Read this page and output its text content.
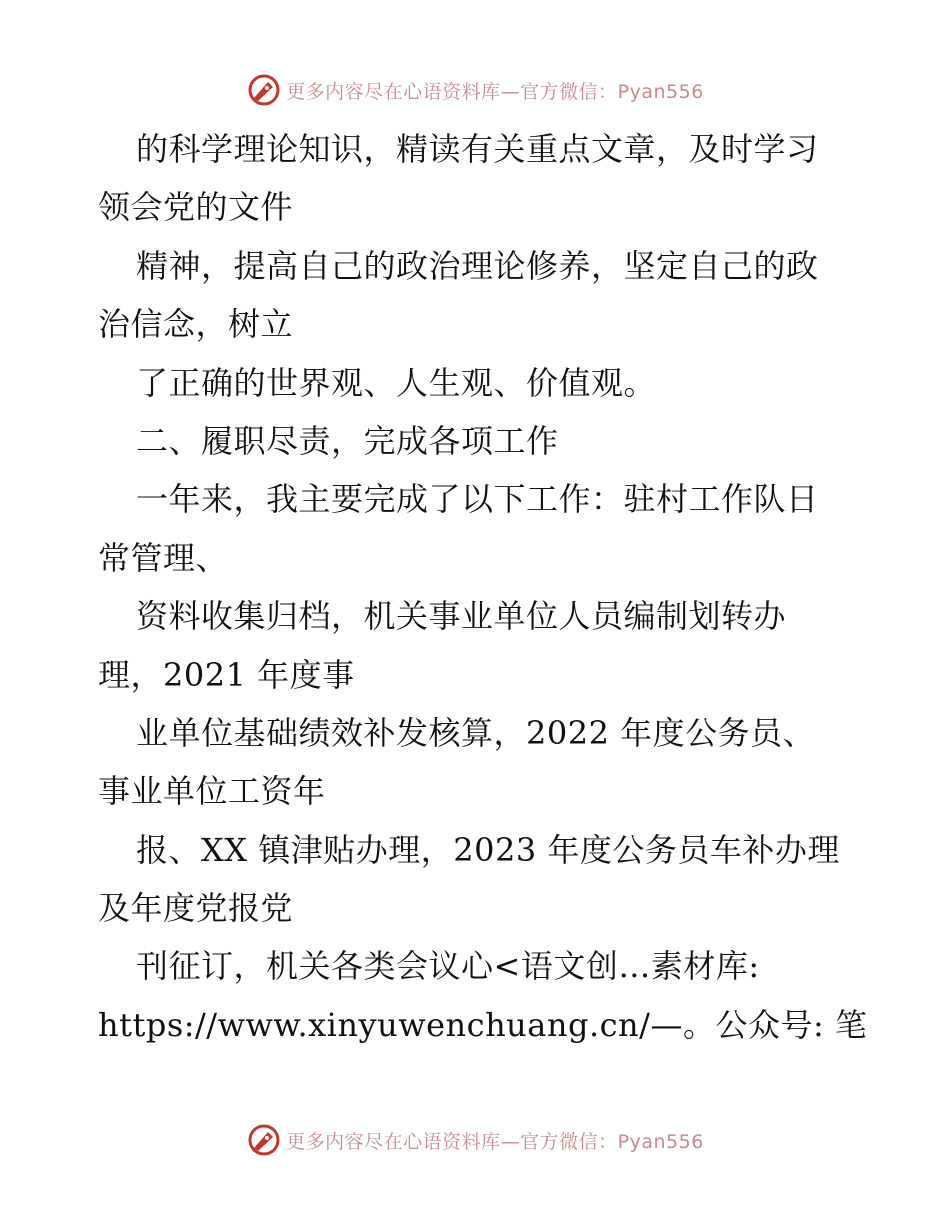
更多内容尽在心语资料库—官方微信：Pyan556
的科学理论知识，精读有关重点文章，及时学习
领会党的文件
精神，提高自己的政治理论修养，坚定自己的政
治信念，树立
了正确的世界观、人生观、价值观。
二、履职尽责，完成各项工作
一年来，我主要完成了以下工作：驻村工作队日
常管理、
资料收集归档，机关事业单位人员编制划转办
理，2021 年度事
业单位基础绩效补发核算，2022 年度公务员、
事业单位工资年
报、XX 镇津贴办理，2023 年度公务员车补办理
及年度党报党
刊征订，机关各类会议心<语文创…素材库:
https://www.xinyuwenchuang.cn/—。公众号: 笔
更多内容尽在心语资料库—官方微信：Pyan556
